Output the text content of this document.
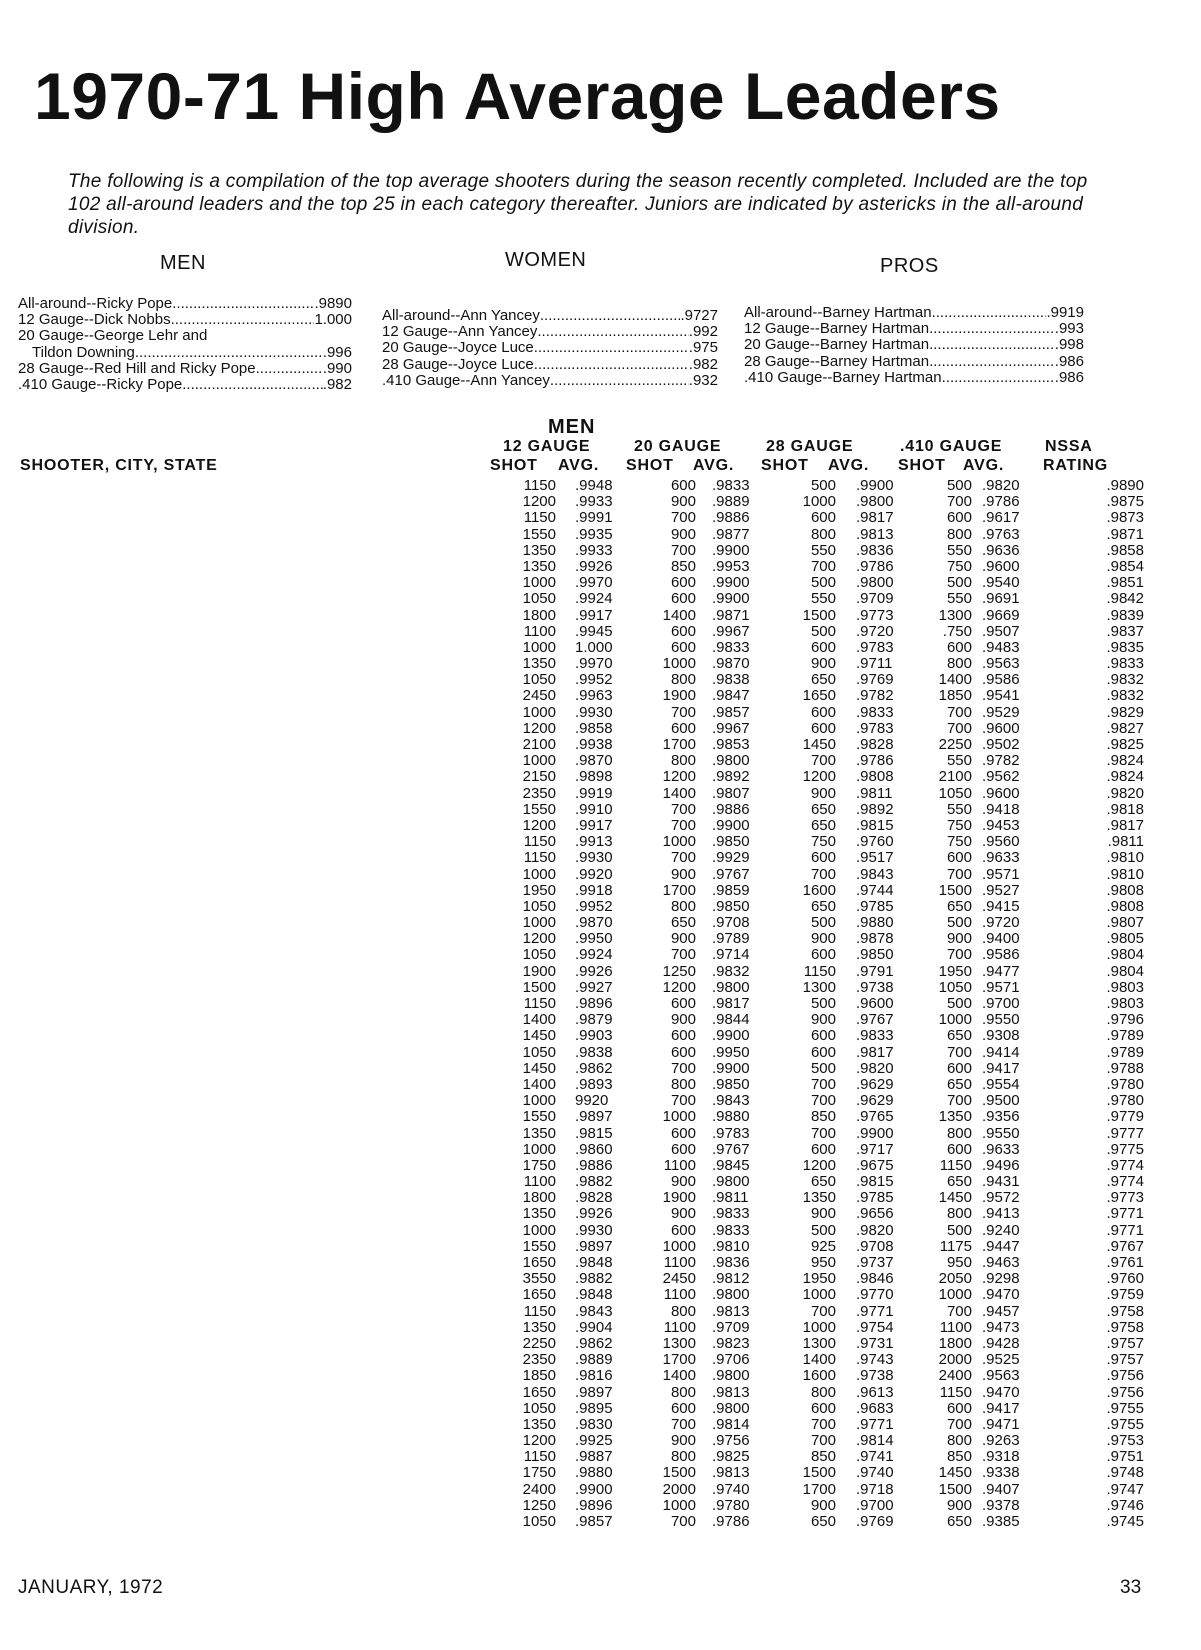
1970-71 High Average Leaders
The following is a compilation of the top average shooters during the season recently completed. Included are the top 102 all-around leaders and the top 25 in each category thereafter. Juniors are indicated by astericks in the all-around division.
MEN	WOMEN	PROS
All-around--Ricky Pope .....	.9890
12 Gauge--Dick Nobbs .....	1.000
20 Gauge--George Lehr and
Tildon Downing .....	.996
28 Gauge--Red Hill and Ricky Pope .....	.990
.410 Gauge--Ricky Pope .....	.982
All-around--Ann Yancey .....	.9727
12 Gauge--Ann Yancey .....	.992
20 Gauge--Joyce Luce .....	.975
28 Gauge--Joyce Luce .....	.982
.410 Gauge--Ann Yancey .....	.932
All-around--Barney Hartman .....	.9919
12 Gauge--Barney Hartman .....	.993
20 Gauge--Barney Hartman .....	.998
28 Gauge--Barney Hartman .....	.986
.410 Gauge--Barney Hartman .....	.986
MEN
12 GAUGE	20 GAUGE	28 GAUGE	.410 GAUGE	NSSA
SHOOTER, CITY, STATE	SHOT AVG. SHOT AVG. SHOT AVG. SHOT AVG. RATING
1150 .9948	600 .9833	500 .9900	500 .9820	.9890
1200 .9933	900 .9889	1000 .9800	700 .9786	.9875
1150 .9991	700 .9886	600 .9817	600 .9617	.9873
1550 .9935	900 .9877	800 .9813	800 .9763	.9871
1350 .9933	700 .9900	550 .9836	550 .9636	.9858
1350 .9926	850 .9953	700 .9786	750 .9600	.9854
1000 .9970	600 .9900	500 .9800	500 .9540	.9851
1050 .9924	600 .9900	550 .9709	550 .9691	.9842
1800 .9917	1400 .9871	1500 .9773	1300 .9669	.9839
1100 .9945	600 .9967	500 .9720	.750 .9507	.9837
1000 1.000	600 .9833	600 .9783	600 .9483	.9835
1350 .9970	1000 .9870	900 .9711	800 .9563	.9833
1050 .9952	800 .9838	650 .9769	1400 .9586	.9832
2450 .9963	1900 .9847	1650 .9782	1850 .9541	.9832
1000 .9930	700 .9857	600 .9833	700 .9529	.9829
1200 .9858	600 .9967	600 .9783	700 .9600	.9827
2100 .9938	1700 .9853	1450 .9828	2250 .9502	.9825
1000 .9870	800 .9800	700 .9786	550 .9782	.9824
2150 .9898	1200 .9892	1200 .9808	2100 .9562	.9824
2350 .9919	1400 .9807	900 .9811	1050 .9600	.9820
1550 .9910	700 .9886	650 .9892	550 .9418	.9818
1200 .9917	700 .9900	650 .9815	750 .9453	.9817
1150 .9913	1000 .9850	750 .9760	750 .9560	.9811
1150 .9930	700 .9929	600 .9517	600 .9633	.9810
1000 .9920	900 .9767	700 .9843	700 .9571	.9810
1950 .9918	1700 .9859	1600 .9744	1500 .9527	.9808
1050 .9952	800 .9850	650 .9785	650 .9415	.9808
1000 .9870	650 .9708	500 .9880	500 .9720	.9807
1200 .9950	900 .9789	900 .9878	900 .9400	.9805
1050 .9924	700 .9714	600 .9850	700 .9586	.9804
1900 .9926	1250 .9832	1150 .9791	1950 .9477	.9804
1500 .9927	1200 .9800	1300 .9738	1050 .9571	.9803
1150 .9896	600 .9817	500 .9600	500 .9700	.9803
1400 .9879	900 .9844	900 .9767	1000 .9550	.9796
1450 .9903	600 .9900	600 .9833	650 .9308	.9789
1050 .9838	600 .9950	600 .9817	700 .9414	.9789
1450 .9862	700 .9900	500 .9820	600 .9417	.9788
1400 .9893	800 .9850	700 .9629	650 .9554	.9780
1000 9920	700 .9843	700 .9629	700 .9500	.9780
1550 .9897	1000 .9880	850 .9765	1350 .9356	.9779
1350 .9815	600 .9783	700 .9900	800 .9550	.9777
1000 .9860	600 .9767	600 .9717	600 .9633	.9775
1750 .9886	1100 .9845	1200 .9675	1150 .9496	.9774
1100 .9882	900 .9800	650 .9815	650 .9431	.9774
1800 .9828	1900 .9811	1350 .9785	1450 .9572	.9773
1350 .9926	900 .9833	900 .9656	800 .9413	.9771
1000 .9930	600 .9833	500 .9820	500 .9240	.9771
1550 .9897	1000 .9810	925 .9708	1175 .9447	.9767
1650 .9848	1100 .9836	950 .9737	950 .9463	.9761
3550 .9882	2450 .9812	1950 .9846	2050 .9298	.9760
1650 .9848	1100 .9800	1000 .9770	1000 .9470	.9759
1150 .9843	800 .9813	700 .9771	700 .9457	.9758
1350 .9904	1100 .9709	1000 .9754	1100 .9473	.9758
2250 .9862	1300 .9823	1300 .9731	1800 .9428	.9757
2350 .9889	1700 .9706	1400 .9743	2000 .9525	.9757
1850 .9816	1400 .9800	1600 .9738	2400 .9563	.9756
1650 .9897	800 .9813	800 .9613	1150 .9470	.9756
1050 .9895	600 .9800	600 .9683	600 .9417	.9755
1350 .9830	700 .9814	700 .9771	700 .9471	.9755
1200 .9925	900 .9756	700 .9814	800 .9263	.9753
1150 .9887	800 .9825	850 .9741	850 .9318	.9751
1750 .9880	1500 .9813	1500 .9740	1450 .9338	.9748
2400 .9900	2000 .9740	1700 .9718	1500 .9407	.9747
1250 .9896	1000 .9780	900 .9700	900 .9378	.9746
1050 .9857	700 .9786	650 .9769	650 .9385	.9745
JANUARY, 1972	33
